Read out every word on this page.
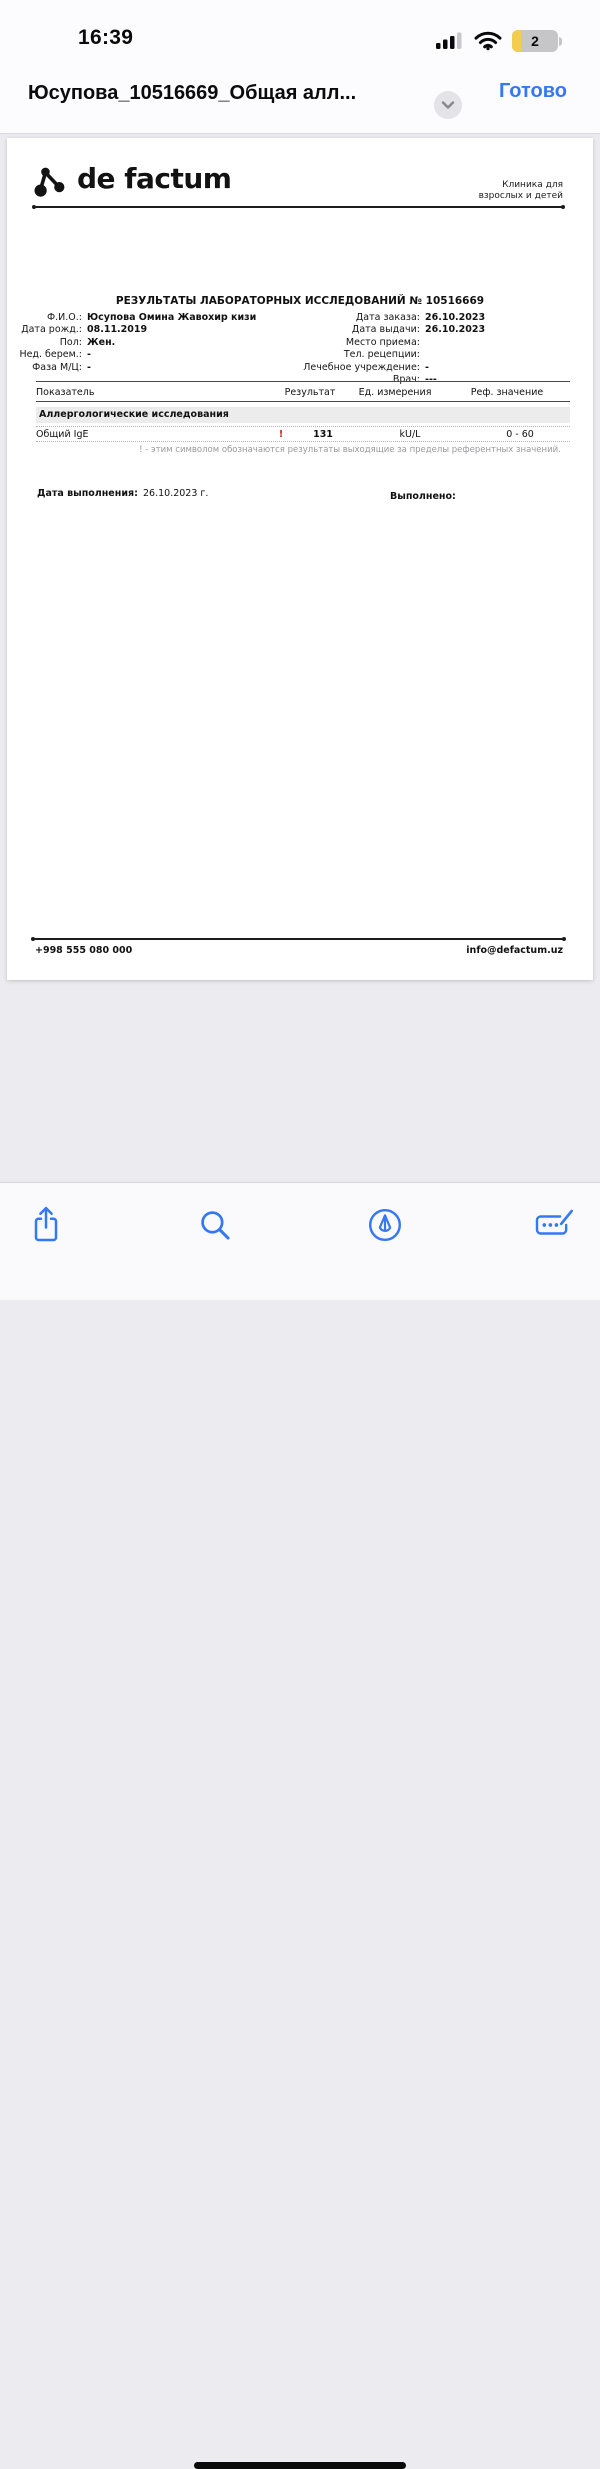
16:39	2
Юсупова_10516669_Общая алл...	Готово
de factum	Клиника для
взрослых и детей
РЕЗУЛЬТАТЫ ЛАБОРАТОРНЫХ ИССЛЕДОВАНИЙ № 10516669
Ф.И.О.: Юсупова Омина Жавохир кизи
Дата рожд.: 08.11.2019
Пол: Жен.
Нед. берем.: -
Фаза М/Ц: -
Дата заказа: 26.10.2023
Дата выдачи: 26.10.2023
Место приема:
Тел. рецепции:
Лечебное учреждение: -
Врач: ---
Показатель	Результат Ед. измерения	Реф. значение
Аллергологические исследования
Общий IgE	!	131	kU/L	0 - 60
! - этим символом обозначаются результаты выходящие за пределы референтных значений.
Дата выполнения: 26.10.2023 г.	Выполнено:
+998 555 080 000	info@defactum.uz
